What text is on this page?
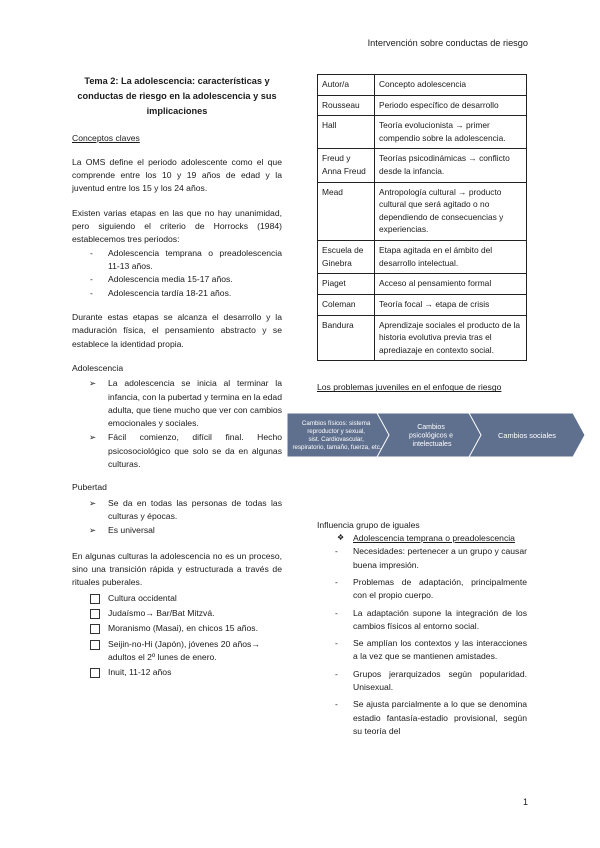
Intervención sobre conductas de riesgo
Tema 2: La adolescencia: características y conductas de riesgo en la adolescencia y sus implicaciones
Conceptos claves

La OMS define el periodo adolescente como el que comprende entre los 10 y 19 años de edad y la juventud entre los 15 y los 24 años.

Existen varias etapas en las que no hay unanimidad, pero siguiendo el criterio de Horrocks (1984) establecemos tres periodos:

- Adolescencia temprana o preadolescencia 11-13 años.
- Adolescencia media 15-17 años.
- Adolescencia tardía 18-21 años.

Durante estas etapas se alcanza el desarrollo y la maduración física, el pensamiento abstracto y se establece la identidad propia.

Adolescencia
➢ La adolescencia se inicia al terminar la infancia, con la pubertad y termina en la edad adulta, que tiene mucho que ver con cambios emocionales y sociales.
➢ Fácil comienzo, difícil final. Hecho psicosociológico que solo se da en algunas culturas.
Pubertad
➢ Se da en todas las personas de todas las culturas y épocas.
➢ Es universal

En algunas culturas la adolescencia no es un proceso, sino una transición rápida y estructurada a través de rituales puberales.

Cultura occidental
Judaísmo→ Bar/Bat Mitzvá.
Moranismo (Masai), en chicos 15 años.
Seijin-no-Hi (Japón), jóvenes 20 años→ adultos el 2º lunes de enero.
Inuit, 11-12 años
Autor/a	Concepto adolescencia
Rousseau	Periodo específico de desarrollo
Hall	Teoría evolucionista → primer compendio sobre la adolescencia.
Freud y Anna Freud	Teorías psicodinámicas → conflicto desde la infancia.
Mead	Antropología cultural → producto cultural que será agitado o no dependiendo de consecuencias y experiencias.
Escuela de Ginebra	Etapa agitada en el ámbito del desarrollo intelectual.
Piaget	Acceso al pensamiento formal
Coleman	Teoría focal → etapa de crisis
Bandura	Aprendizaje sociales el producto de la historia evolutiva previa tras el aprediazaje en contexto social.
Los problemas juveniles en el enfoque de riesgo
Cambios físicos: sistema reproductor y sexual, sist. Cardiovascular, respiratorio, tamaño, fuerza, etc.
Cambios psicológicos e intelectuales
Cambios sociales
Influencia grupo de iguales
❖ Adolescencia temprana o preadolescencia
- Necesidades: pertenecer a un grupo y causar buena impresión.
- Problemas de adaptación, principalmente con el propio cuerpo.
- La adaptación supone la integración de los cambios físicos al entorno social.
- Se amplían los contextos y las interacciones a la vez que se mantienen amistades.
- Grupos jerarquizados según popularidad. Unisexual.
- Se ajusta parcialmente a lo que se denomina estadio fantasía-estadio provisional, según su teoría del
1
